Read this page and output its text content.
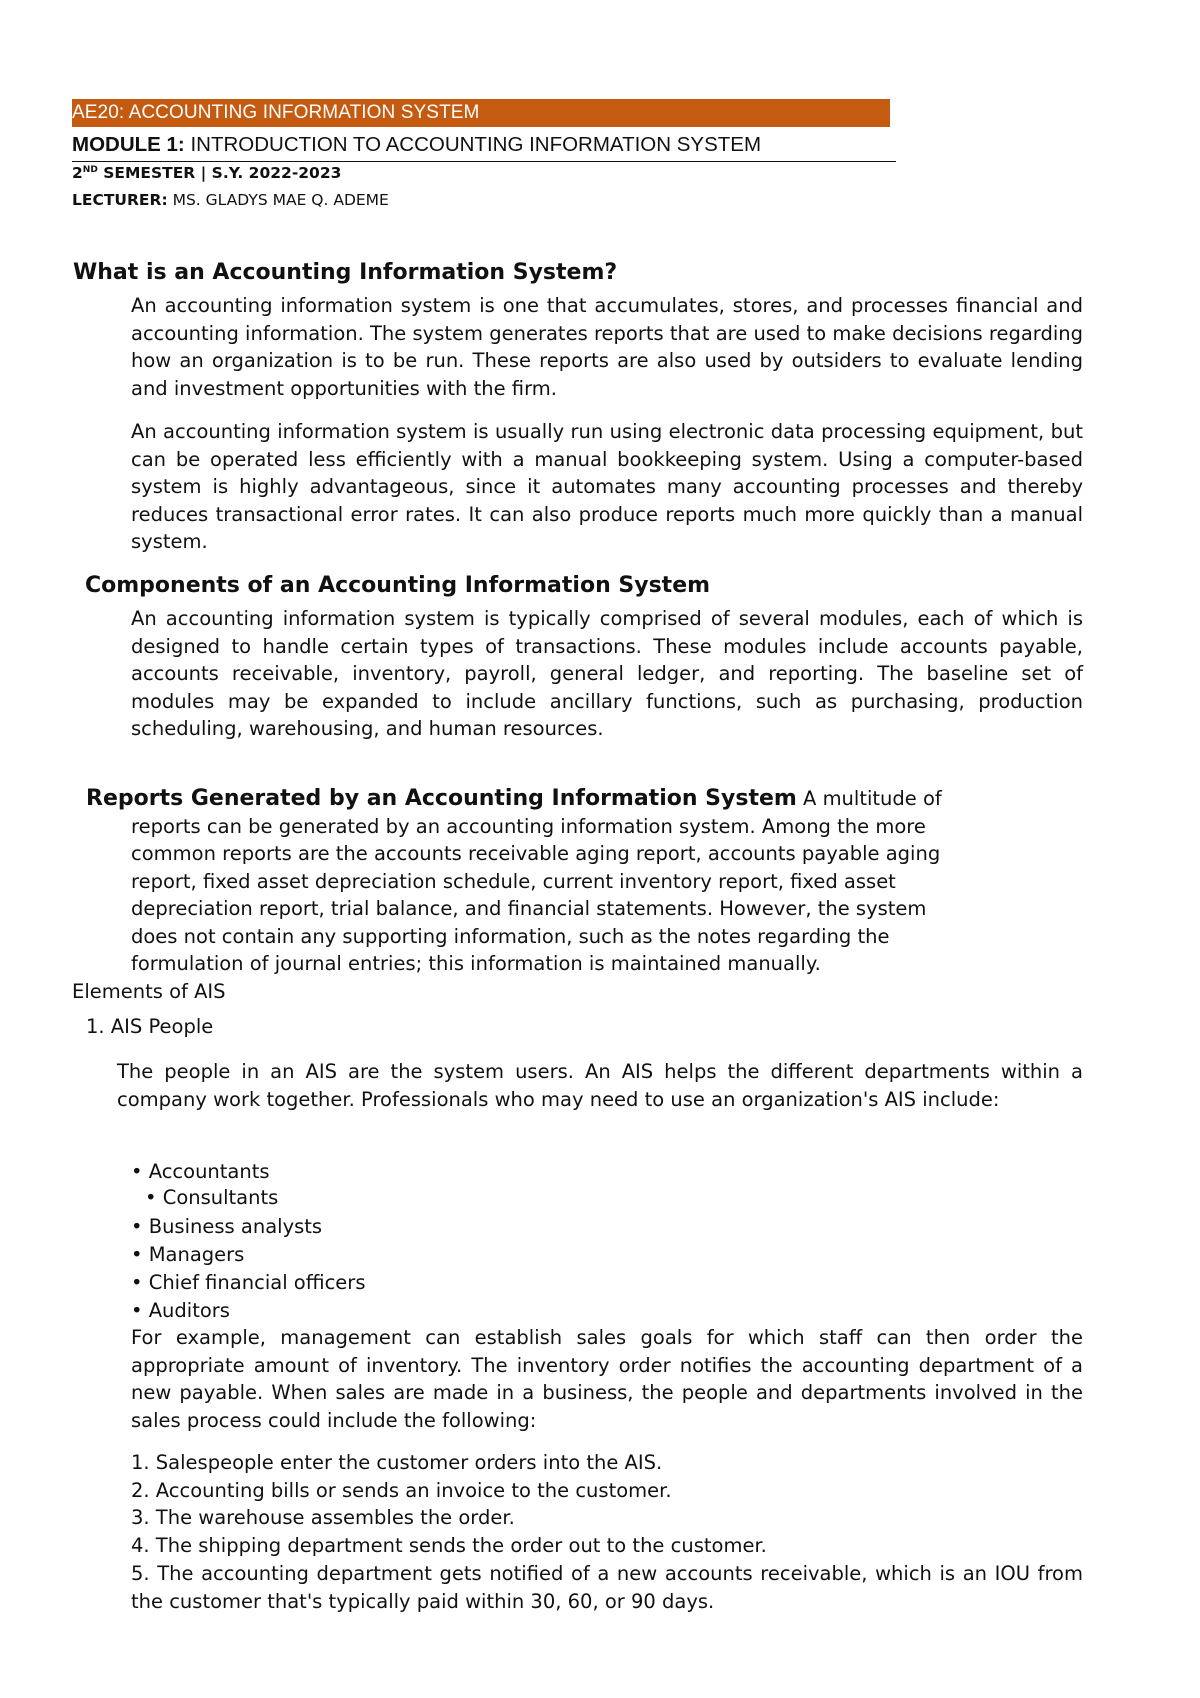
AE20: ACCOUNTING INFORMATION SYSTEM
MODULE 1: INTRODUCTION TO ACCOUNTING INFORMATION SYSTEM
2ND SEMESTER | S.Y. 2022-2023
LECTURER: MS. GLADYS MAE Q. ADEME
What is an Accounting Information System?
An accounting information system is one that accumulates, stores, and processes financial and accounting information. The system generates reports that are used to make decisions regarding how an organization is to be run. These reports are also used by outsiders to evaluate lending and investment opportunities with the firm.
An accounting information system is usually run using electronic data processing equipment, but can be operated less efficiently with a manual bookkeeping system. Using a computer-based system is highly advantageous, since it automates many accounting processes and thereby reduces transactional error rates. It can also produce reports much more quickly than a manual system.
Components of an Accounting Information System
An accounting information system is typically comprised of several modules, each of which is designed to handle certain types of transactions. These modules include accounts payable, accounts receivable, inventory, payroll, general ledger, and reporting. The baseline set of modules may be expanded to include ancillary functions, such as purchasing, production scheduling, warehousing, and human resources.
Reports Generated by an Accounting Information System A multitude of
reports can be generated by an accounting information system. Among the more
common reports are the accounts receivable aging report, accounts payable aging
report, fixed asset depreciation schedule, current inventory report, fixed asset
depreciation report, trial balance, and financial statements. However, the system
does not contain any supporting information, such as the notes regarding the
formulation of journal entries; this information is maintained manually.
Elements of AIS
1. AIS People
The people in an AIS are the system users. An AIS helps the different departments within a company work together. Professionals who may need to use an organization's AIS include:
• Accountants
• Consultants
• Business analysts
• Managers
• Chief financial officers
• Auditors
For example, management can establish sales goals for which staff can then order the appropriate amount of inventory. The inventory order notifies the accounting department of a new payable. When sales are made in a business, the people and departments involved in the sales process could include the following:
1. Salespeople enter the customer orders into the AIS.
2. Accounting bills or sends an invoice to the customer.
3. The warehouse assembles the order.
4. The shipping department sends the order out to the customer.
5. The accounting department gets notified of a new accounts receivable, which is an IOU from the customer that's typically paid within 30, 60, or 90 days.
